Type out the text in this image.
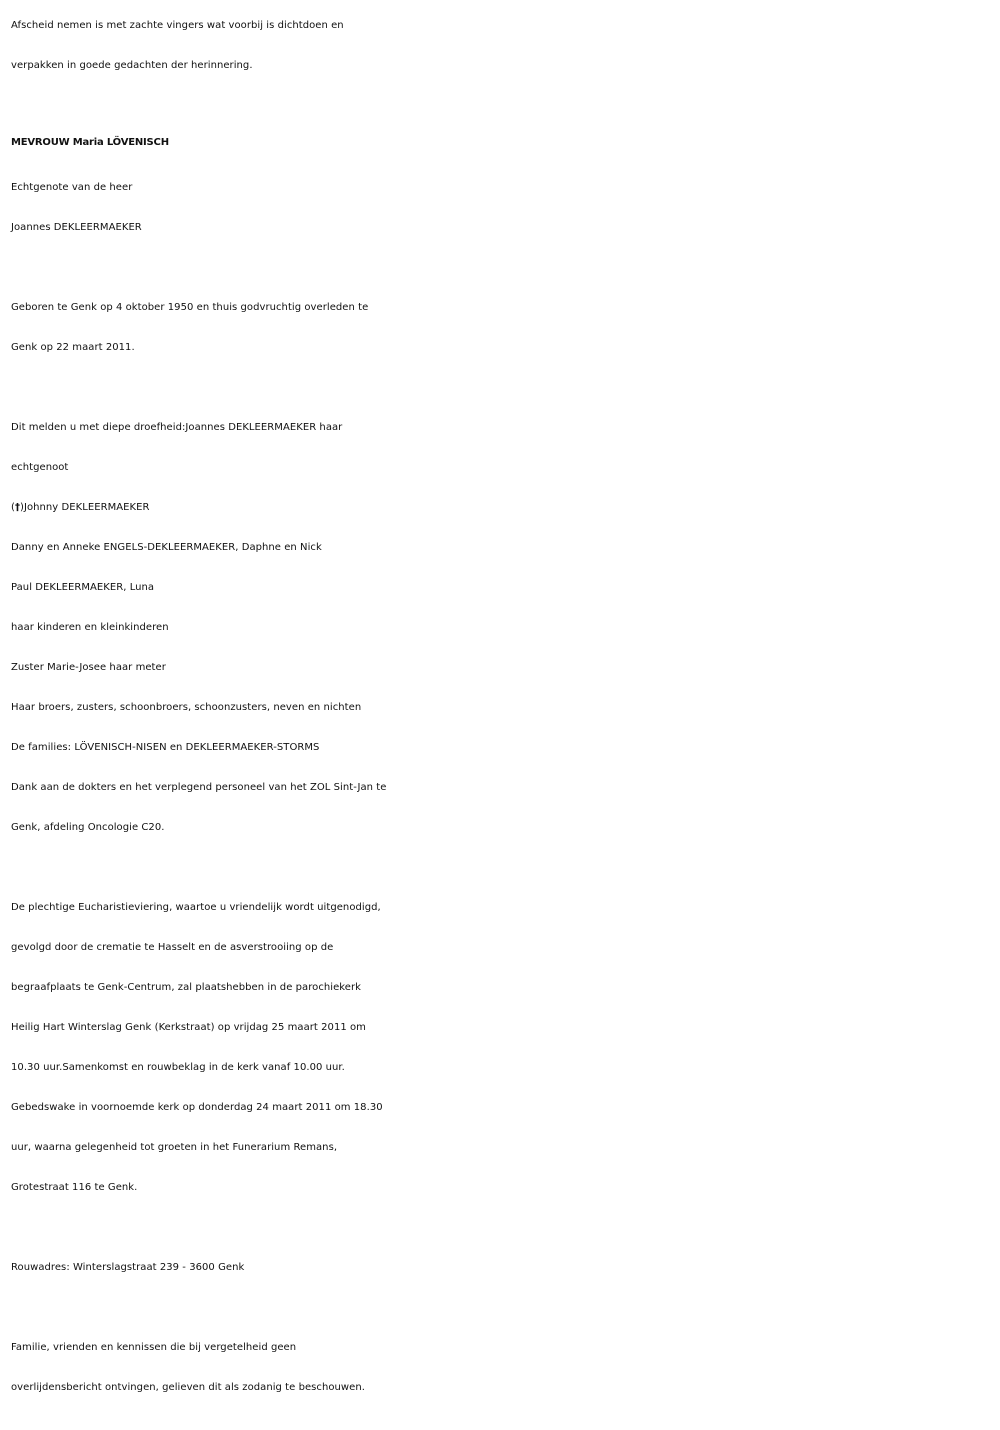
Afscheid nemen is met zachte vingers wat voorbij is dichtdoen en
verpakken in goede gedachten der herinnering.
MEVROUW Maria LÖVENISCH
Echtgenote van de heer
Joannes DEKLEERMAEKER
Geboren te Genk op 4 oktober 1950 en thuis godvruchtig overleden te
Genk op 22 maart 2011.
Dit melden u met diepe droefheid:Joannes DEKLEERMAEKER haar
echtgenoot
(†)Johnny DEKLEERMAEKER
Danny en Anneke ENGELS-DEKLEERMAEKER, Daphne en Nick
Paul DEKLEERMAEKER, Luna
haar kinderen en kleinkinderen
Zuster Marie-Josee haar meter
Haar broers, zusters, schoonbroers, schoonzusters, neven en nichten
De families: LÖVENISCH-NISEN en DEKLEERMAEKER-STORMS
Dank aan de dokters en het verplegend personeel van het ZOL Sint-Jan te
Genk, afdeling Oncologie C20.
De plechtige Eucharistieviering, waartoe u vriendelijk wordt uitgenodigd,
gevolgd door de crematie te Hasselt en de asverstrooiing op de
begraafplaats te Genk-Centrum, zal plaatshebben in de parochiekerk
Heilig Hart Winterslag Genk (Kerkstraat) op vrijdag 25 maart 2011 om
10.30 uur.Samenkomst en rouwbeklag in de kerk vanaf 10.00 uur.
Gebedswake in voornoemde kerk op donderdag 24 maart 2011 om 18.30
uur, waarna gelegenheid tot groeten in het Funerarium Remans,
Grotestraat 116 te Genk.
Rouwadres: Winterslagstraat 239 - 3600 Genk
Familie, vrienden en kennissen die bij vergetelheid geen
overlijdensbericht ontvingen, gelieven dit als zodanig te beschouwen.
